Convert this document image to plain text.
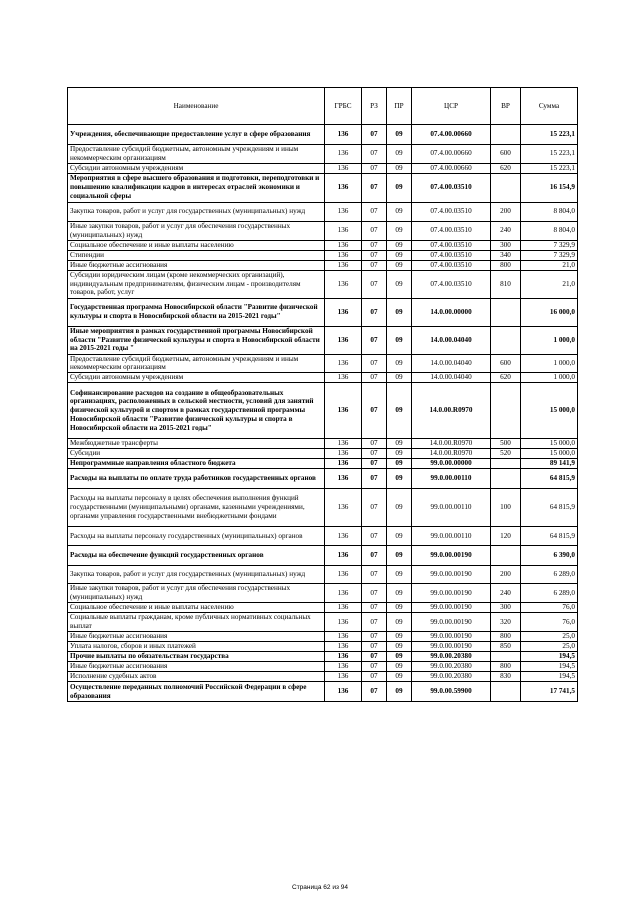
Наименование	ГРБС	РЗ	ПР	ЦСР	ВР	Сумма
Учреждения, обеспечивающие предоставление услуг в сфере образования	136	07	09	07.4.00.00660		15 223,1
Предоставление субсидий бюджетным, автономным учреждениям и иным некоммерческим организациям	136	07	09	07.4.00.00660	600	15 223,1
Субсидии автономным учреждениям	136	07	09	07.4.00.00660	620	15 223,1
Мероприятия в сфере высшего образования и подготовки, переподготовки и повышению квалификации кадров в интересах отраслей экономики и социальной сферы	136	07	09	07.4.00.03510		16 154,9
Закупка товаров, работ и услуг для государственных (муниципальных) нужд	136	07	09	07.4.00.03510	200	8 804,0
Иные закупки товаров, работ и услуг для обеспечения государственных (муниципальных) нужд	136	07	09	07.4.00.03510	240	8 804,0
Социальное обеспечение и иные выплаты населению	136	07	09	07.4.00.03510	300	7 329,9
Стипендии	136	07	09	07.4.00.03510	340	7 329,9
Иные бюджетные ассигнования	136	07	09	07.4.00.03510	800	21,0
Субсидии юридическим лицам (кроме некоммерческих организаций), индивидуальным предпринимателям, физическим лицам - производителям товаров, работ, услуг	136	07	09	07.4.00.03510	810	21,0
Государственная программа Новосибирской области "Развитие физической культуры и спорта в Новосибирской области на 2015-2021 годы"	136	07	09	14.0.00.00000		16 000,0
Иные мероприятия в рамках государственной программы Новосибирской области "Развитие физической культуры и спорта в Новосибирской области на 2015-2021 годы "	136	07	09	14.0.00.04040		1 000,0
Предоставление субсидий бюджетным, автономным учреждениям и иным некоммерческим организациям	136	07	09	14.0.00.04040	600	1 000,0
Субсидии автономным учреждениям	136	07	09	14.0.00.04040	620	1 000,0
Софинансирование расходов на создание в общеобразовательных организациях, расположенных в сельской местности, условий для занятий физической культурой и спортом в рамках государственной программы Новосибирской области "Развитие физической культуры и спорта в Новосибирской области на 2015-2021 годы"	136	07	09	14.0.00.R0970		15 000,0
Межбюджетные трансферты	136	07	09	14.0.00.R0970	500	15 000,0
Субсидии	136	07	09	14.0.00.R0970	520	15 000,0
Непрограммные направления областного бюджета	136	07	09	99.0.00.00000		89 141,9
Расходы на выплаты по оплате труда работников государственных органов	136	07	09	99.0.00.00110		64 815,9
Расходы на выплаты персоналу в целях обеспечения выполнения функций государственными (муниципальными) органами, казенными учреждениями, органами управления государственными внебюджетными фондами	136	07	09	99.0.00.00110	100	64 815,9
Расходы на выплаты персоналу государственных (муниципальных) органов	136	07	09	99.0.00.00110	120	64 815,9
Расходы на обеспечение функций государственных органов	136	07	09	99.0.00.00190		6 390,0
Закупка товаров, работ и услуг для государственных (муниципальных) нужд	136	07	09	99.0.00.00190	200	6 289,0
Иные закупки товаров, работ и услуг для обеспечения государственных (муниципальных) нужд	136	07	09	99.0.00.00190	240	6 289,0
Социальное обеспечение и иные выплаты населению	136	07	09	99.0.00.00190	300	76,0
Социальные выплаты гражданам, кроме публичных нормативных социальных выплат	136	07	09	99.0.00.00190	320	76,0
Иные бюджетные ассигнования	136	07	09	99.0.00.00190	800	25,0
Уплата налогов, сборов и иных платежей	136	07	09	99.0.00.00190	850	25,0
Прочие выплаты по обязательствам государства	136	07	09	99.0.00.20380		194,5
Иные бюджетные ассигнования	136	07	09	99.0.00.20380	800	194,5
Исполнение судебных актов	136	07	09	99.0.00.20380	830	194,5
Осуществление переданных полномочий Российской Федерации в сфере образования	136	07	09	99.0.00.59900		17 741,5
Страница 62 из 94
